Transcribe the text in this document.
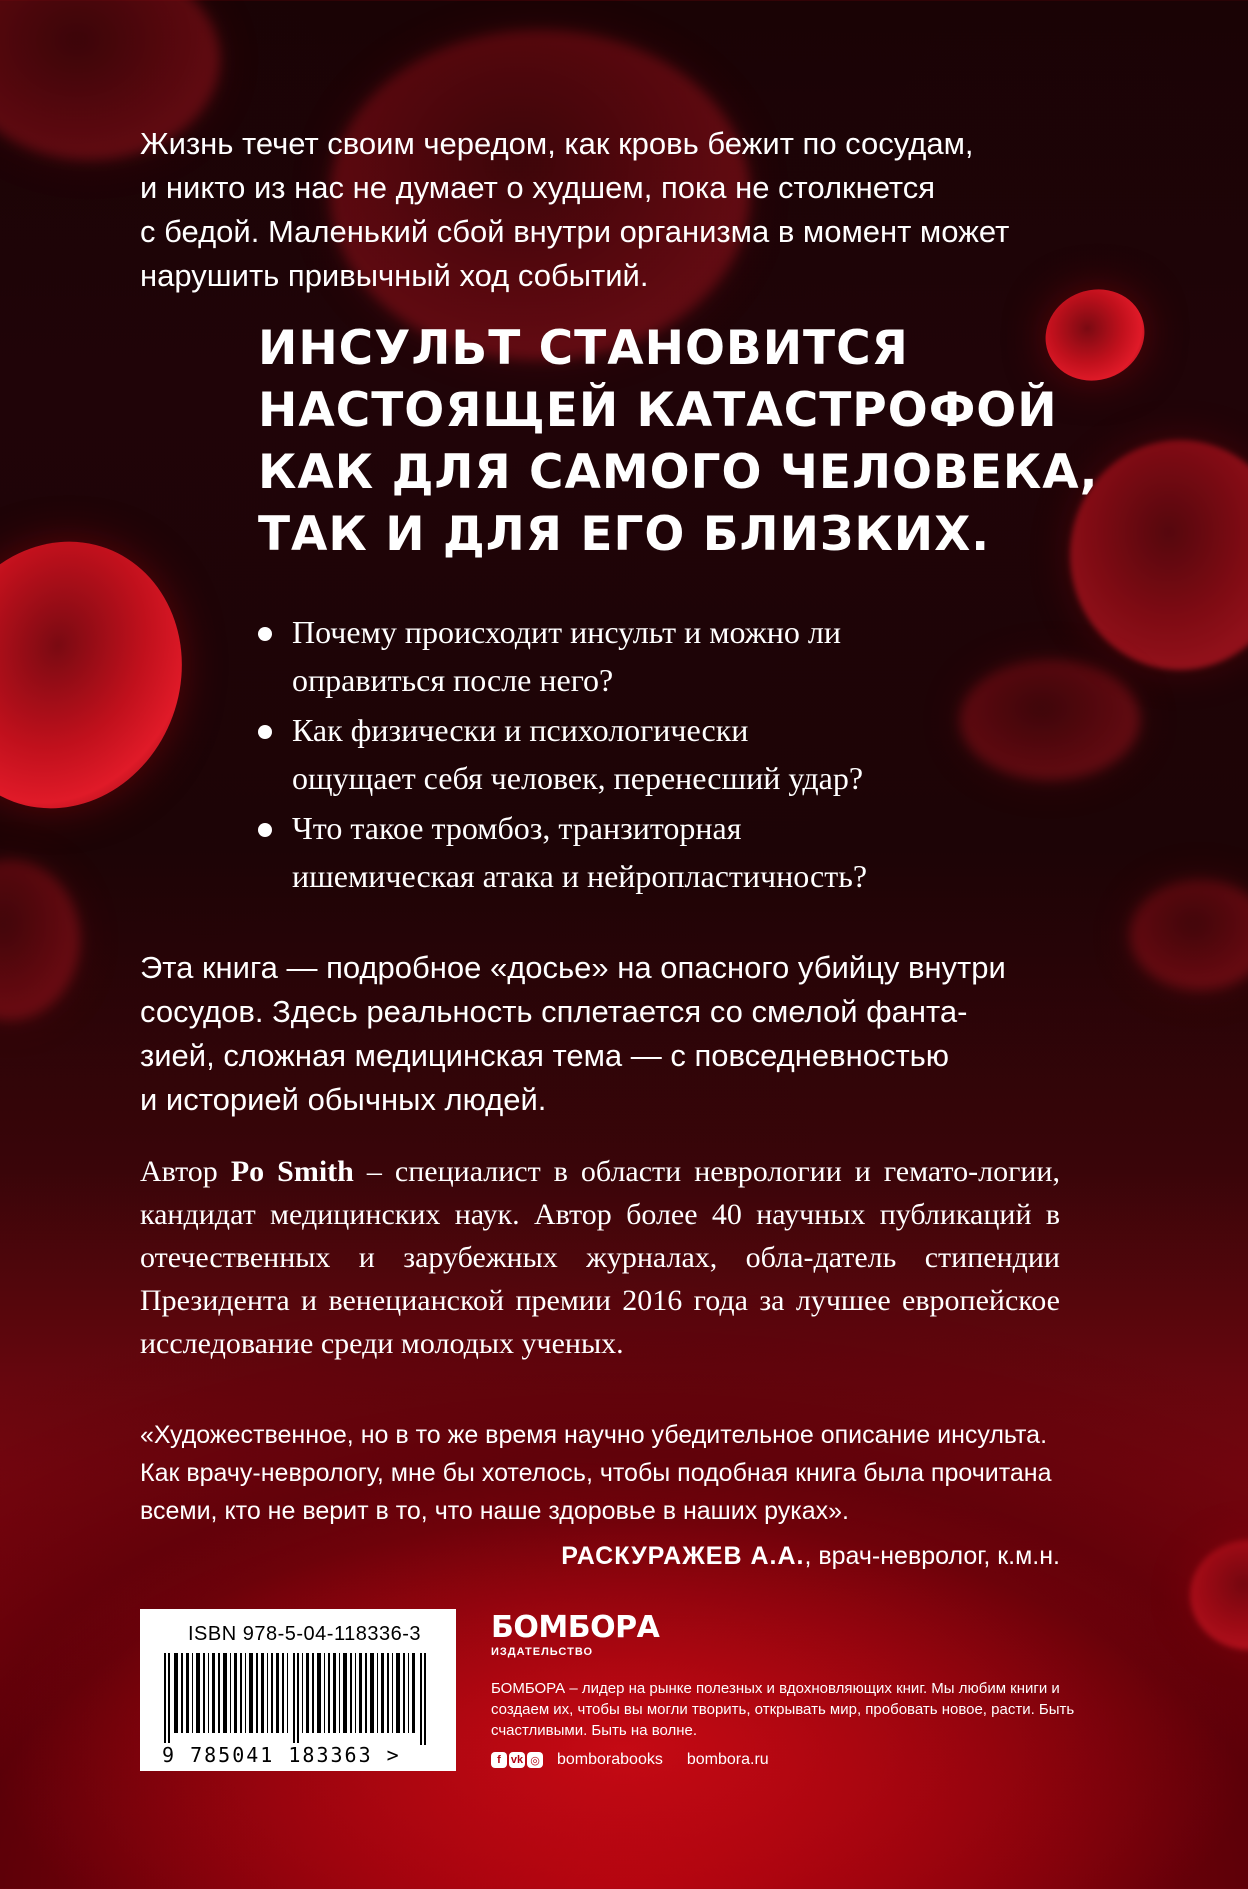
Жизнь течет своим чередом, как кровь бежит по сосудам,
и никто из нас не думает о худшем, пока не столкнется
с бедой. Маленький сбой внутри организма в момент может
нарушить привычный ход событий.
ИНСУЛЬТ СТАНОВИТСЯ
НАСТОЯЩЕЙ КАТАСТРОФОЙ
КАК ДЛЯ САМОГО ЧЕЛОВЕКА,
ТАК И ДЛЯ ЕГО БЛИЗКИХ.
Почему происходит инсульт и можно ли
оправиться после него?
Как физически и психологически
ощущает себя человек, перенесший удар?
Что такое тромбоз, транзиторная
ишемическая атака и нейропластичность?
Эта книга — подробное «досье» на опасного убийцу внутри
сосудов. Здесь реальность сплетается со смелой фанта-
зией, сложная медицинская тема — с повседневностью
и историей обычных людей.
Автор Po Smith – специалист в области неврологии и гемато-логии, кандидат медицинских наук. Автор более 40 научных публикаций в отечественных и зарубежных журналах, обла-датель стипендии Президента и венецианской премии 2016 года за лучшее европейское исследование среди молодых ученых.
«Художественное, но в то же время научно убедительное описание инсульта. Как врачу-неврологу, мне бы хотелось, чтобы подобная книга была прочитана всеми, кто не верит в то, что наше здоровье в наших руках».
РАСКУРАЖЕВ А.А., врач-невролог, к.м.н.
ISBN 978-5-04-118336-3
9 785041 183363 >
БОМБОРА
ИЗДАТЕЛЬСТВО
БОМБОРА – лидер на рынке полезных и вдохновляющих книг. Мы любим книги и создаем их, чтобы вы могли творить, открывать мир, пробовать новое, расти. Быть счастливыми. Быть на волне.
f vk ◎ bomborabooks bombora.ru
